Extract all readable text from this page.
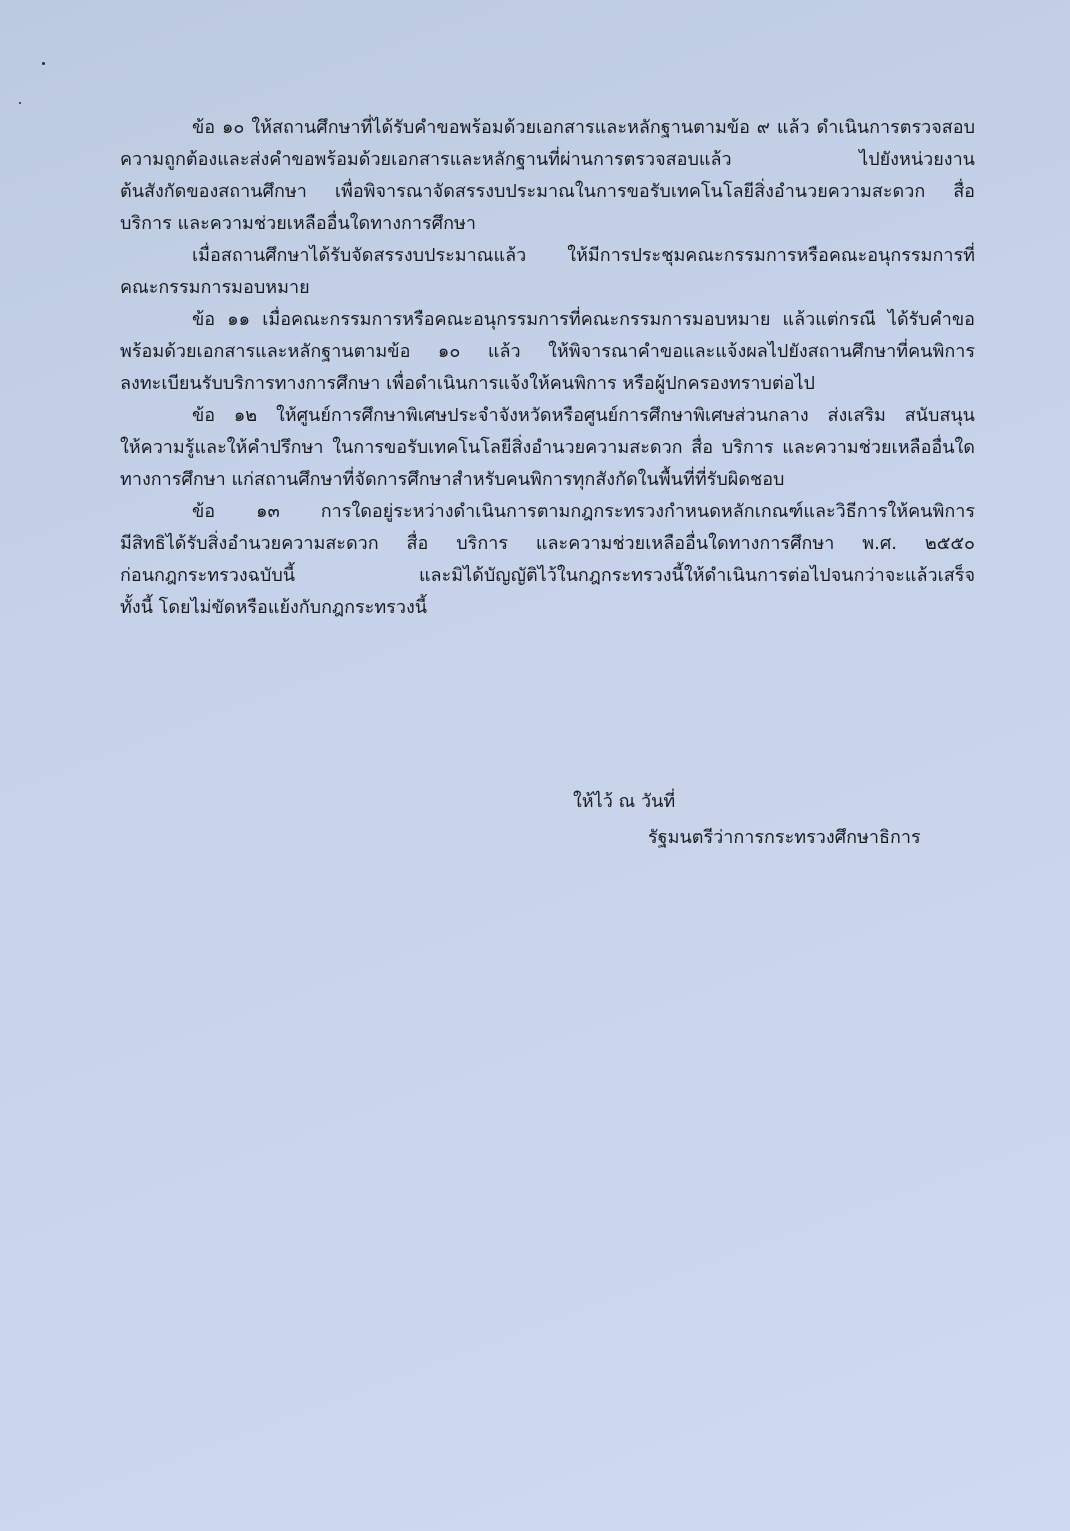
ข้อ ๑๐ ให้สถานศึกษาที่ได้รับคำขอพร้อมด้วยเอกสารและหลักฐานตามข้อ ๙ แล้ว ดำเนินการตรวจสอบ
ความถูกต้องและส่งคำขอพร้อมด้วยเอกสารและหลักฐานที่ผ่านการตรวจสอบแล้ว ไปยังหน่วยงาน
ต้นสังกัดของสถานศึกษา เพื่อพิจารณาจัดสรรงบประมาณในการขอรับเทคโนโลยีสิ่งอำนวยความสะดวก สื่อ
บริการ และความช่วยเหลืออื่นใดทางการศึกษา
เมื่อสถานศึกษาได้รับจัดสรรงบประมาณแล้ว ให้มีการประชุมคณะกรรมการหรือคณะอนุกรรมการที่
คณะกรรมการมอบหมาย
ข้อ ๑๑ เมื่อคณะกรรมการหรือคณะอนุกรรมการที่คณะกรรมการมอบหมาย แล้วแต่กรณี ได้รับคำขอ
พร้อมด้วยเอกสารและหลักฐานตามข้อ ๑๐ แล้ว ให้พิจารณาคำขอและแจ้งผลไปยังสถานศึกษาที่คนพิการ
ลงทะเบียนรับบริการทางการศึกษา เพื่อดำเนินการแจ้งให้คนพิการ หรือผู้ปกครองทราบต่อไป
ข้อ ๑๒ ให้ศูนย์การศึกษาพิเศษประจำจังหวัดหรือศูนย์การศึกษาพิเศษส่วนกลาง ส่งเสริม สนับสนุน
ให้ความรู้และให้คำปรึกษา ในการขอรับเทคโนโลยีสิ่งอำนวยความสะดวก สื่อ บริการ และความช่วยเหลืออื่นใด
ทางการศึกษา แก่สถานศึกษาที่จัดการศึกษาสำหรับคนพิการทุกสังกัดในพื้นที่ที่รับผิดชอบ
ข้อ ๑๓ การใดอยู่ระหว่างดำเนินการตามกฎกระทรวงกำหนดหลักเกณฑ์และวิธีการให้คนพิการ
มีสิทธิได้รับสิ่งอำนวยความสะดวก สื่อ บริการ และความช่วยเหลืออื่นใดทางการศึกษา พ.ศ. ๒๕๕๐
ก่อนกฎกระทรวงฉบับนี้ และมิได้บัญญัติไว้ในกฎกระทรวงนี้ให้ดำเนินการต่อไปจนกว่าจะแล้วเสร็จ
ทั้งนี้ โดยไม่ขัดหรือแย้งกับกฎกระทรวงนี้
ให้ไว้ ณ วันที่
รัฐมนตรีว่าการกระทรวงศึกษาธิการ
